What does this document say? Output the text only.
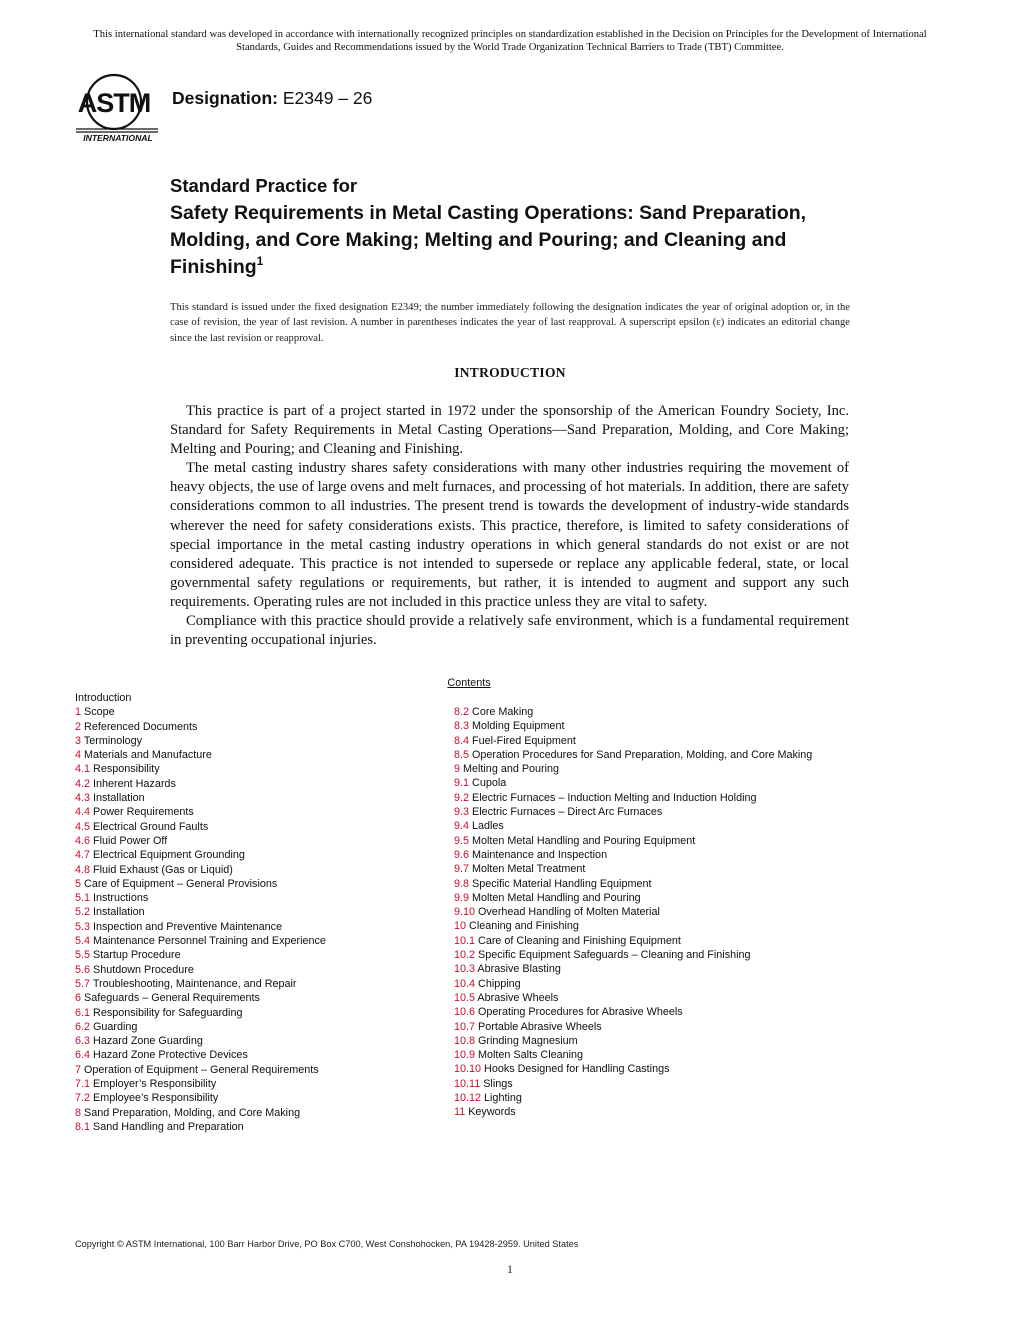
This international standard was developed in accordance with internationally recognized principles on standardization established in the Decision on Principles for the Development of International Standards, Guides and Recommendations issued by the World Trade Organization Technical Barriers to Trade (TBT) Committee.
ASTM
INTERNATIONAL
Designation: E2349 – 26
Standard Practice for
Safety Requirements in Metal Casting Operations: Sand Preparation, Molding, and Core Making; Melting and Pouring; and Cleaning and Finishing$^1$
This standard is issued under the fixed designation E2349; the number immediately following the designation indicates the year of original adoption or, in the case of revision, the year of last revision. A number in parentheses indicates the year of last reapproval. A superscript epsilon (ε) indicates an editorial change since the last revision or reapproval.
INTRODUCTION

This practice is part of a project started in 1972 under the sponsorship of the American Foundry Society, Inc. Standard for Safety Requirements in Metal Casting Operations—Sand Preparation, Molding, and Core Making; Melting and Pouring; and Cleaning and Finishing.

The metal casting industry shares safety considerations with many other industries requiring the movement of heavy objects, the use of large ovens and melt furnaces, and processing of hot materials. In addition, there are safety considerations common to all industries. The present trend is towards the development of industry-wide standards wherever the need for safety considerations exists. This practice, therefore, is limited to safety considerations of special importance in the metal casting industry operations in which general standards do not exist or are not considered adequate. This practice is not intended to supersede or replace any applicable federal, state, or local governmental safety regulations or requirements, but rather, it is intended to augment and support any such requirements. Operating rules are not included in this practice unless they are vital to safety.

Compliance with this practice should provide a relatively safe environment, which is a fundamental requirement in preventing occupational injuries.

Contents
Introduction
1 Scope
2 Referenced Documents
3 Terminology
4 Materials and Manufacture
4.1 Responsibility
4.2 Inherent Hazards
4.3 Installation
4.4 Power Requirements
4.5 Electrical Ground Faults
4.6 Fluid Power Off
4.7 Electrical Equipment Grounding
4.8 Fluid Exhaust (Gas or Liquid)
5 Care of Equipment – General Provisions
5.1 Instructions
5.2 Installation
5.3 Inspection and Preventive Maintenance
5.4 Maintenance Personnel Training and Experience
5.5 Startup Procedure
5.6 Shutdown Procedure
5.7 Troubleshooting, Maintenance, and Repair
6 Safeguards – General Requirements
6.1 Responsibility for Safeguarding
6.2 Guarding
6.3 Hazard Zone Guarding
6.4 Hazard Zone Protective Devices
7 Operation of Equipment – General Requirements
7.1 Employer’s Responsibility
7.2 Employee’s Responsibility
8 Sand Preparation, Molding, and Core Making
8.1 Sand Handling and Preparation
8.2 Core Making
8.3 Molding Equipment
8.4 Fuel-Fired Equipment
8.5 Operation Procedures for Sand Preparation, Molding, and Core Making
9 Melting and Pouring
9.1 Cupola
9.2 Electric Furnaces – Induction Melting and Induction Holding
9.3 Electric Furnaces – Direct Arc Furnaces
9.4 Ladles
9.5 Molten Metal Handling and Pouring Equipment
9.6 Maintenance and Inspection
9.7 Molten Metal Treatment
9.8 Specific Material Handling Equipment
9.9 Molten Metal Handling and Pouring
9.10 Overhead Handling of Molten Material
10 Cleaning and Finishing
10.1 Care of Cleaning and Finishing Equipment
10.2 Specific Equipment Safeguards – Cleaning and Finishing
10.3 Abrasive Blasting
10.4 Chipping
10.5 Abrasive Wheels
10.6 Operating Procedures for Abrasive Wheels
10.7 Portable Abrasive Wheels
10.8 Grinding Magnesium
10.9 Molten Salts Cleaning
10.10 Hooks Designed for Handling Castings
10.11 Slings
10.12 Lighting
11 Keywords
Copyright © ASTM International, 100 Barr Harbor Drive, PO Box C700, West Conshohocken, PA 19428-2959. United States
1
